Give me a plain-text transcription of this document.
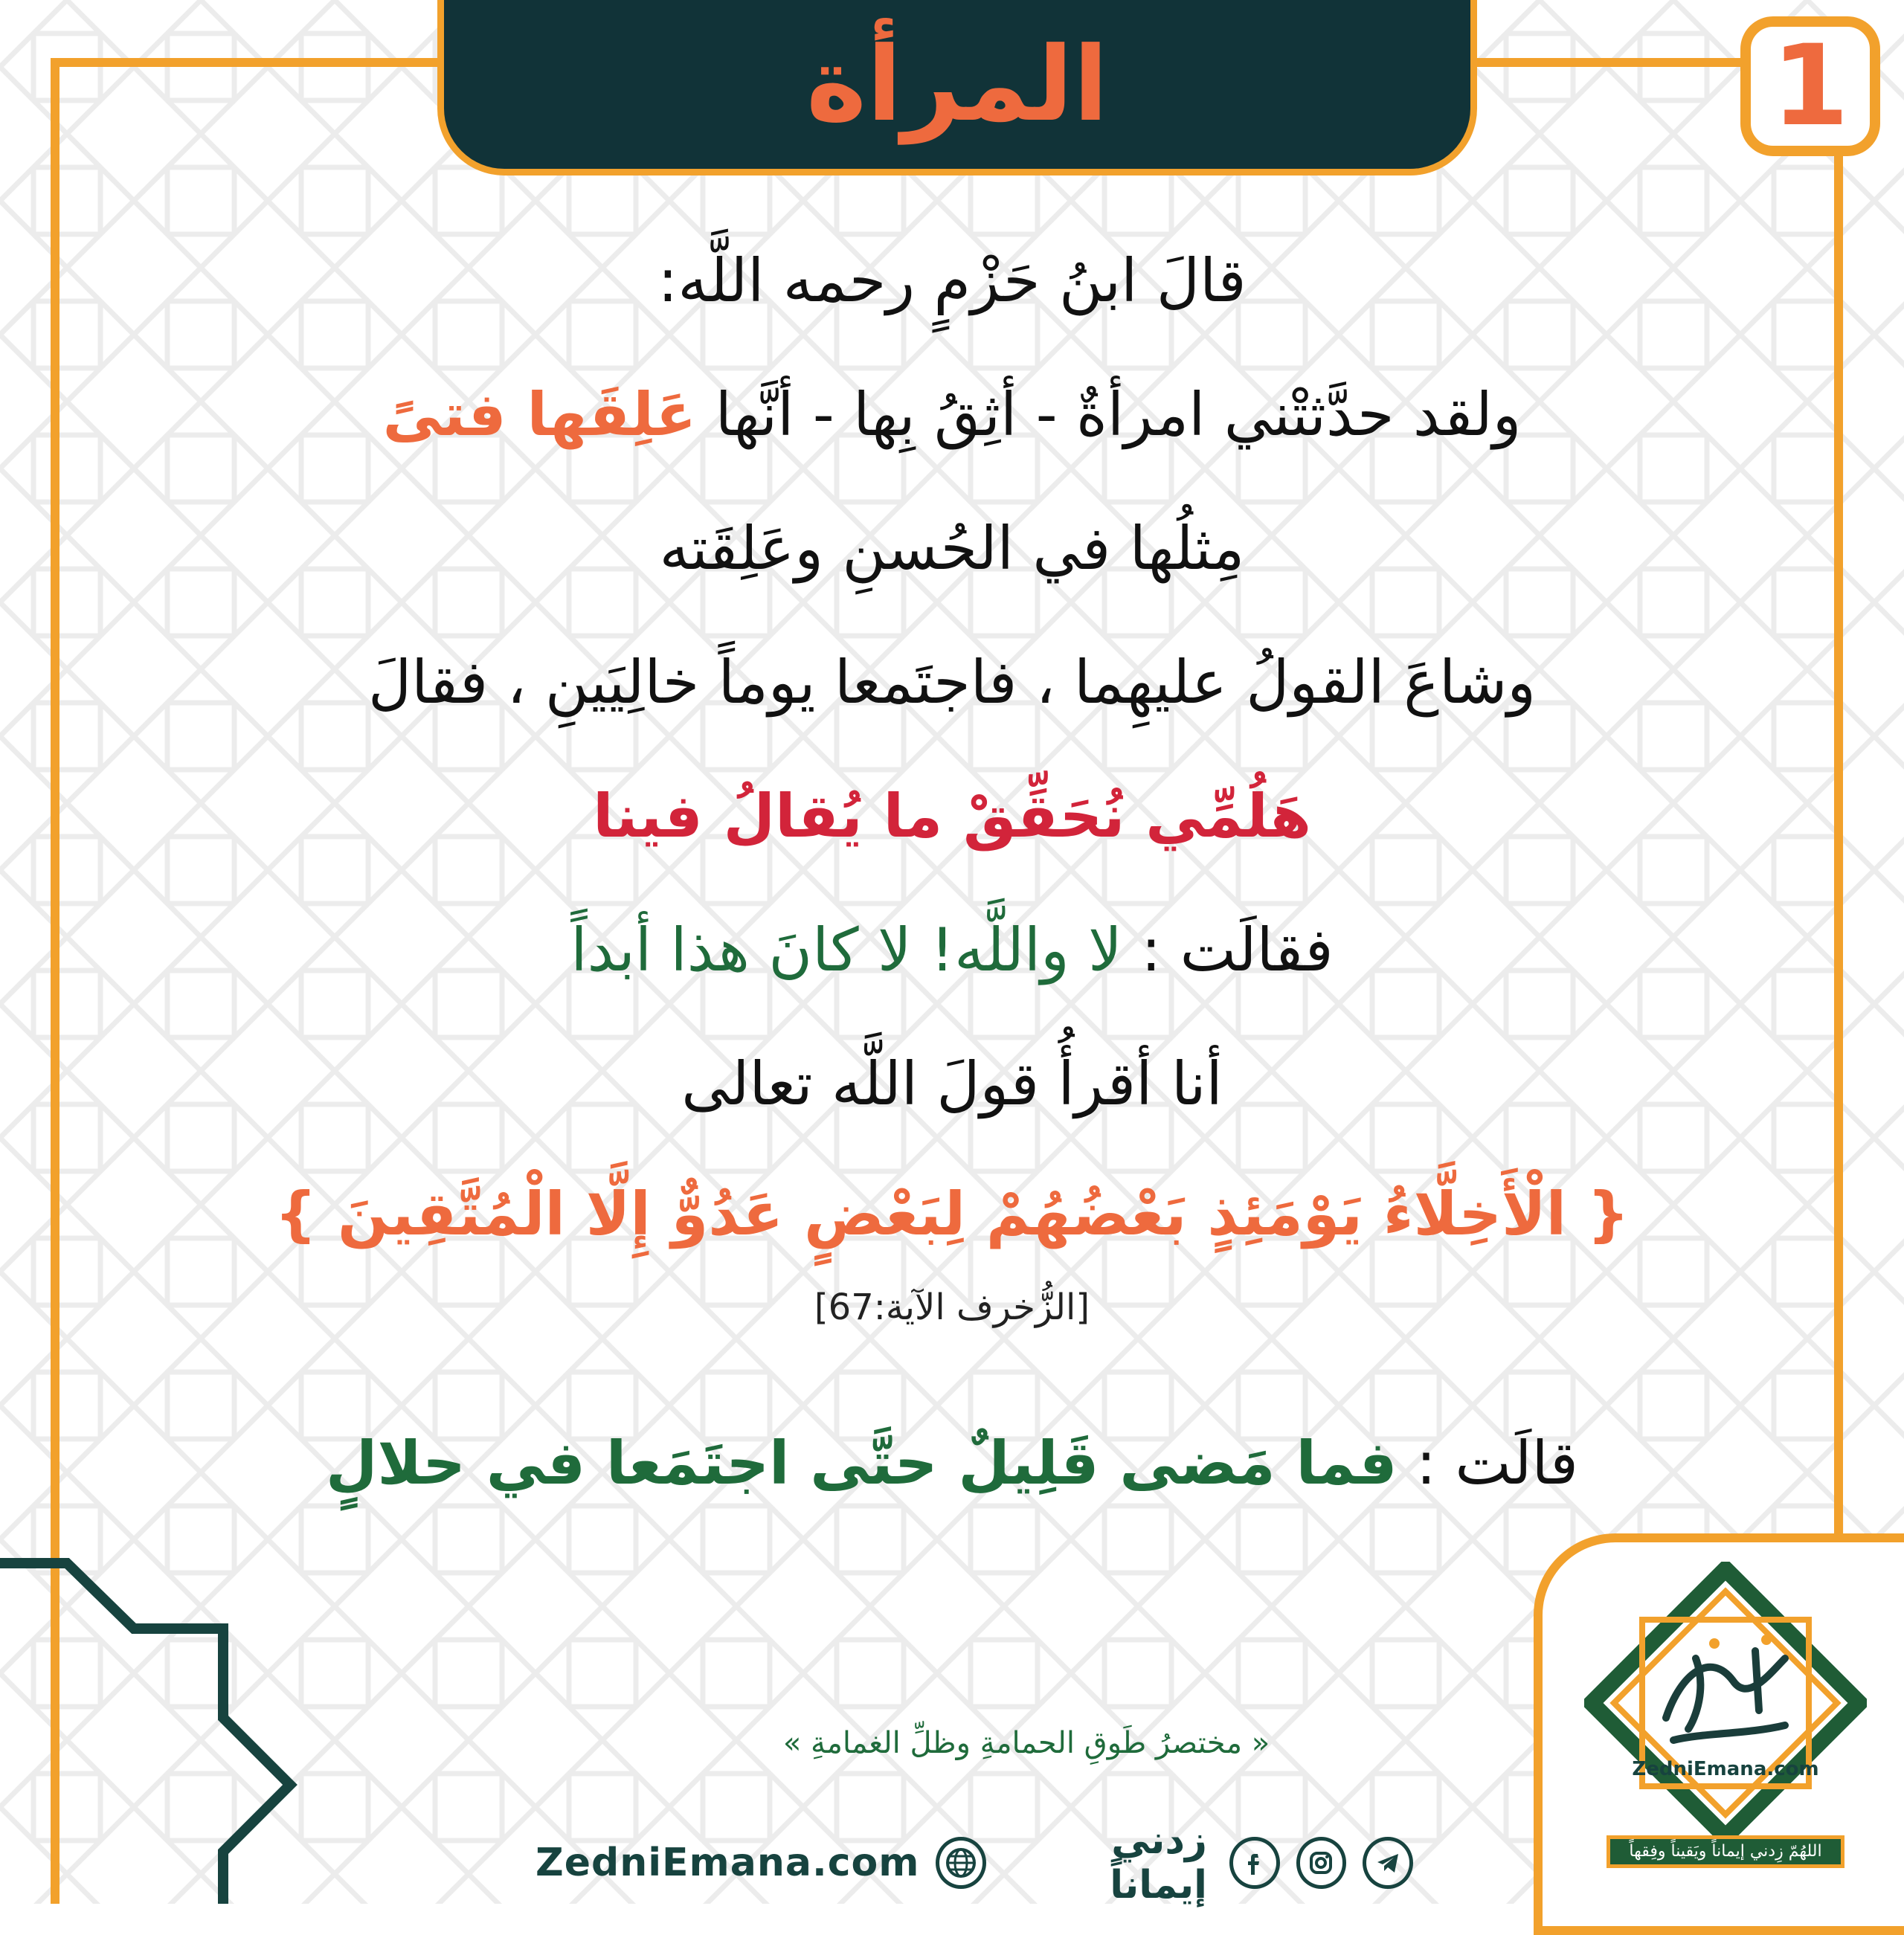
المرأة	1
قالَ ابنُ حَزْمٍ رحمه اللَّه:
ولقد حدَّثتْني امرأةٌ - أثِقُ بِها - أنَّها عَلِقَها فتىً
مِثلُها في الحُسنِ وعَلِقَته
وشاعَ القولُ عليهِما ، فاجتَمعا يوماً خالِيَينِ ، فقالَ
هَلُمِّي نُحَقِّقْ ما يُقالُ فينا
فقالَت : لا واللَّه! لا كانَ هذا أبداً
أنا أقرأُ قولَ اللَّه تعالى
{ الْأَخِلَّاءُ يَوْمَئِذٍ بَعْضُهُمْ لِبَعْضٍ عَدُوٌّ إِلَّا الْمُتَّقِينَ }
[الزُّخرف الآية:67]
قالَت : فما مَضى قَلِيلٌ حتَّى اجتَمَعا في حلالٍ
« مختصرُ طَوقِ الحمامةِ وظلِّ الغمامةِ »
ZedniEmana.com
اللهُمّ زِدني إيماناً ويَقيناً وفِقهاً
ZedniEmana.com	زدني إيماناً
